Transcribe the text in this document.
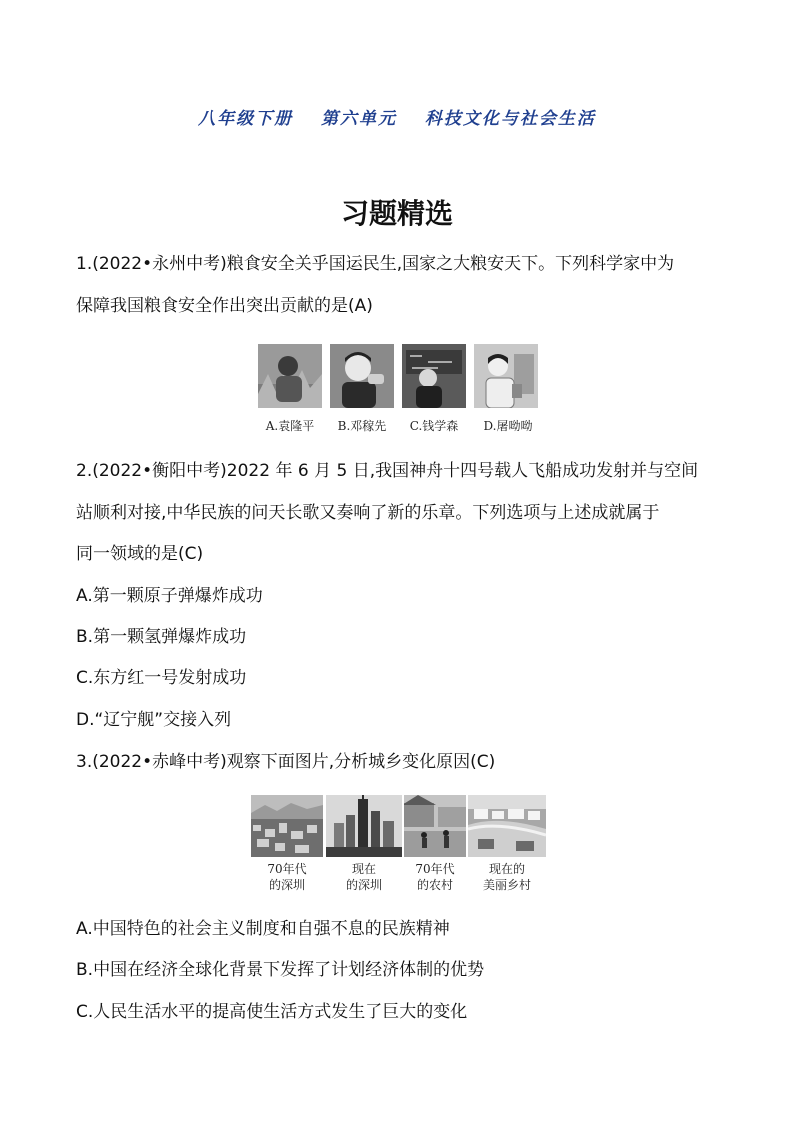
八年级下册 第六单元 科技文化与社会生活
习题精选
1.(2022•永州中考)粮食安全关乎国运民生,国家之大粮安天下。下列科学家中为
保障我国粮食安全作出突出贡献的是(A)
A.袁隆平	B.邓稼先	C.钱学森	D.屠呦呦
2.(2022•衡阳中考)2022 年 6 月 5 日,我国神舟十四号载人飞船成功发射并与空间
站顺利对接,中华民族的问天长歌又奏响了新的乐章。下列选项与上述成就属于
同一领域的是(C)
A.第一颗原子弹爆炸成功
B.第一颗氢弹爆炸成功
C.东方红一号发射成功
D.“辽宁舰”交接入列
3.(2022•赤峰中考)观察下面图片,分析城乡变化原因(C)
70年代
的深圳
现在
的深圳
70年代
的农村
现在的
美丽乡村
A.中国特色的社会主义制度和自强不息的民族精神
B.中国在经济全球化背景下发挥了计划经济体制的优势
C.人民生活水平的提高使生活方式发生了巨大的变化
